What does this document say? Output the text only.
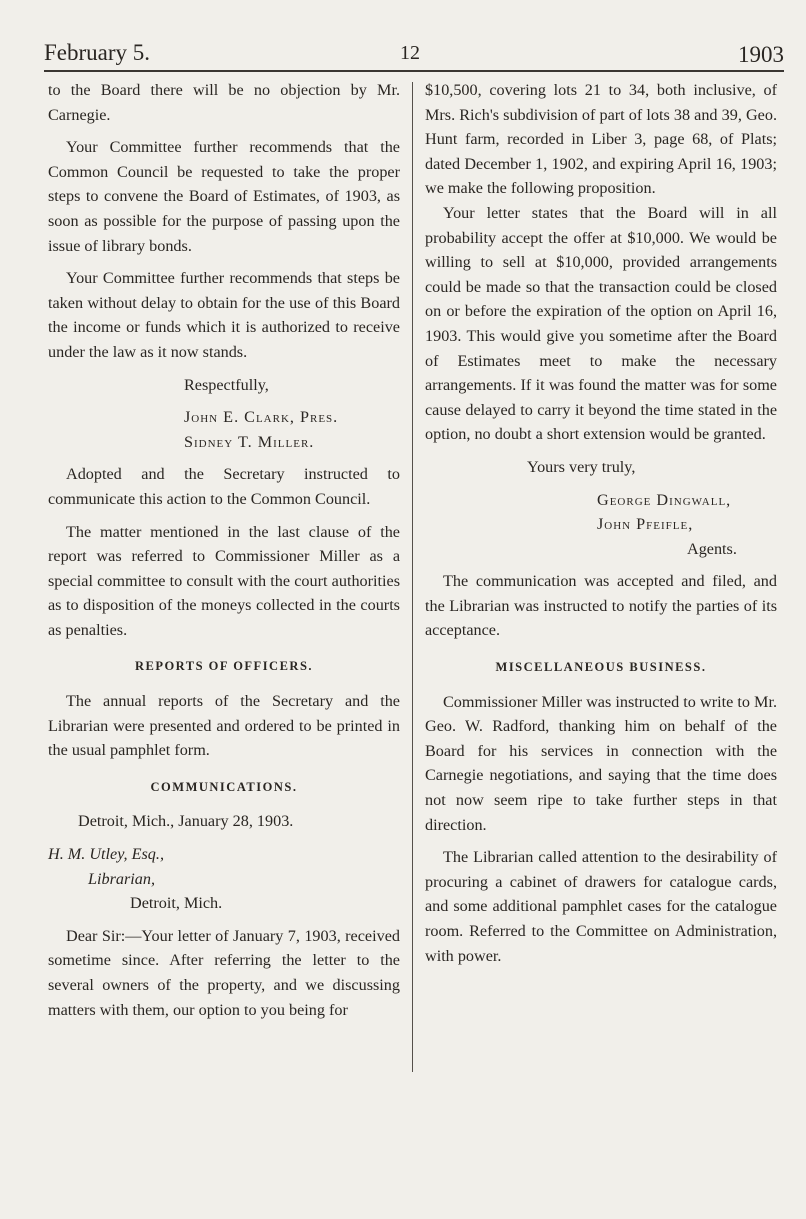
February 5.	12	1903

to the Board there will be no objection by Mr. Carnegie.

Your Committee further recommends that the Common Council be requested to take the proper steps to convene the Board of Estimates, of 1903, as soon as possible for the purpose of passing upon the issue of library bonds.

Your Committee further recommends that steps be taken without delay to obtain for the use of this Board the income or funds which it is authorized to receive under the law as it now stands.

Respectfully,

John E. Clark, Pres.

Sidney T. Miller.

Adopted and the Secretary instructed to communicate this action to the Common Council.

The matter mentioned in the last clause of the report was referred to Commissioner Miller as a special committee to consult with the court authorities as to disposition of the moneys collected in the courts as penalties.

REPORTS OF OFFICERS.

The annual reports of the Secretary and the Librarian were presented and ordered to be printed in the usual pamphlet form.

COMMUNICATIONS.

Detroit, Mich., January 28, 1903.

H. M. Utley, Esq.,

Librarian,

Detroit, Mich.

Dear Sir:—Your letter of January 7, 1903, received sometime since. After referring the letter to the several owners of the property, and we discussing matters with them, our option to you being for

$10,500, covering lots 21 to 34, both inclusive, of Mrs. Rich's subdivision of part of lots 38 and 39, Geo. Hunt farm, recorded in Liber 3, page 68, of Plats; dated December 1, 1902, and expiring April 16, 1903; we make the following proposition.

Your letter states that the Board will in all probability accept the offer at $10,000. We would be willing to sell at $10,000, provided arrangements could be made so that the transaction could be closed on or before the expiration of the option on April 16, 1903. This would give you sometime after the Board of Estimates meet to make the necessary arrangements. If it was found the matter was for some cause delayed to carry it beyond the time stated in the option, no doubt a short extension would be granted.

Yours very truly,

George Dingwall,

John Pfeifle,

Agents.

The communication was accepted and filed, and the Librarian was instructed to notify the parties of its acceptance.

MISCELLANEOUS BUSINESS.

Commissioner Miller was instructed to write to Mr. Geo. W. Radford, thanking him on behalf of the Board for his services in connection with the Carnegie negotiations, and saying that the time does not now seem ripe to take further steps in that direction.

The Librarian called attention to the desirability of procuring a cabinet of drawers for catalogue cards, and some additional pamphlet cases for the catalogue room. Referred to the Committee on Administration, with power.
